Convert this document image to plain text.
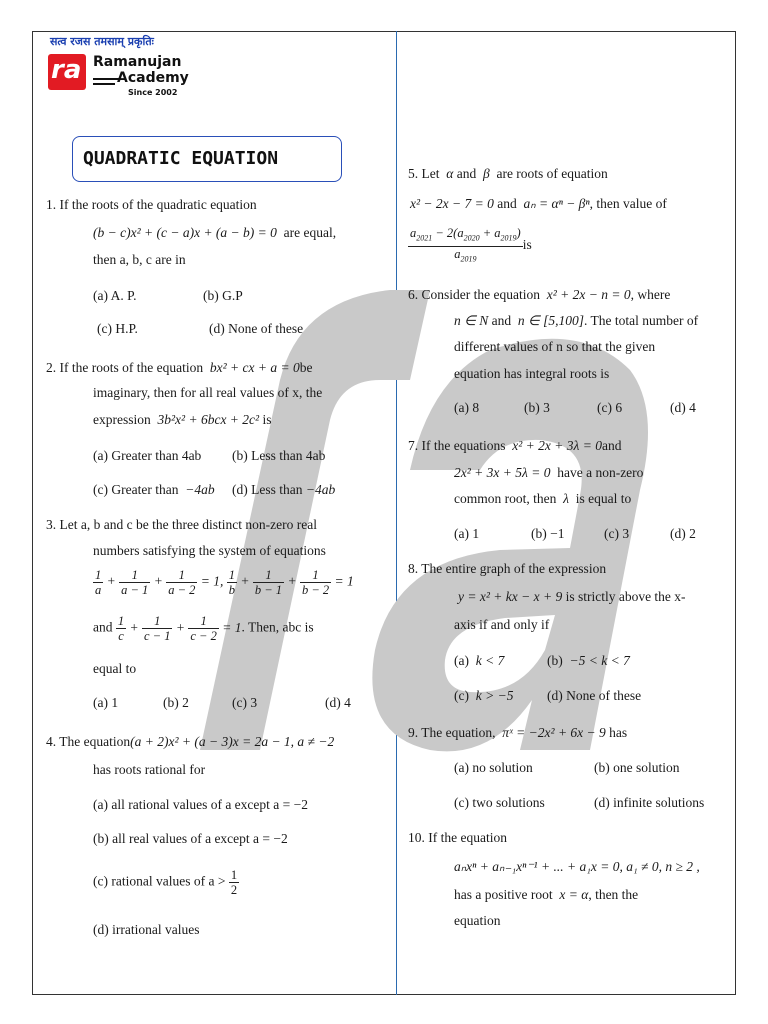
सत्व रजस तमसाम् प्रकृतिः
ra Ramanujan
Academy
Since 2002
QUADRATIC EQUATION
1. If the roots of the quadratic equation
(b − c)x² + (c − a)x + (a − b) = 0 are equal,
then a, b, c are in
(a) A. P.	(b) G.P
(c) H.P.	(d) None of these
2. If the roots of the equation bx² + cx + a = 0be
imaginary, then for all real values of x, the
expression 3b²x² + 6bcx + 2c² is
(a) Greater than 4ab (b) Less than 4ab
(c) Greater than −4ab (d) Less than −4ab
3. Let a, b and c be the three distinct non-zero real
numbers satisfying the system of equations
$\frac{1}{a} + \frac{1}{a - 1} + \frac{1}{a - 2} = 1$, $\frac{1}{b} + \frac{1}{b - 1} + \frac{1}{b - 2} = 1$
and $\frac{1}{c} + \frac{1}{c - 1} + \frac{1}{c - 2} = 1$. Then, abc is
equal to
(a) 1	(b) 2	(c) 3	(d) 4
4. The equation(a + 2)x² + (a − 3)x = 2a − 1, a ≠ −2
has roots rational for
(a) all rational values of a except a = −2
(b) all real values of a except a = −2
(c) rational values of $a > \frac{1}{2}$
(d) irrational values
5. Let α and β are roots of equation
x² − 2x − 7 = 0 and aₙ = αⁿ − βⁿ, then value of
$\frac{a_{2021} - 2(a_{2020} + a_{2019})}{a_{2019}}$ is
6. Consider the equation x² + 2x − n = 0, where
n ∈ N and n ∈ [5,100]. The total number of
different values of n so that the given
equation has integral roots is
(a) 8	(b) 3	(c) 6	(d) 4
7. If the equations x² + 2x + 3λ = 0and
2x² + 3x + 5λ = 0 have a non-zero
common root, then λ is equal to
(a) 1	(b) −1	(c) 3	(d) 2
8. The entire graph of the expression
y = x² + kx − x + 9 is strictly above the x-
axis if and only if
(a) k < 7	(b) −5 < k < 7
(c) k > −5 (d) None of these
9. The equation, πˣ = −2x² + 6x − 9 has
(a) no solution	(b) one solution
(c) two solutions	(d) infinite solutions
10. If the equation
aₙxⁿ + aₙ₋₁xⁿ⁻¹ + ... + a₁x = 0, a₁ ≠ 0, n ≥ 2 ,
has a positive root x = α, then the
equation
